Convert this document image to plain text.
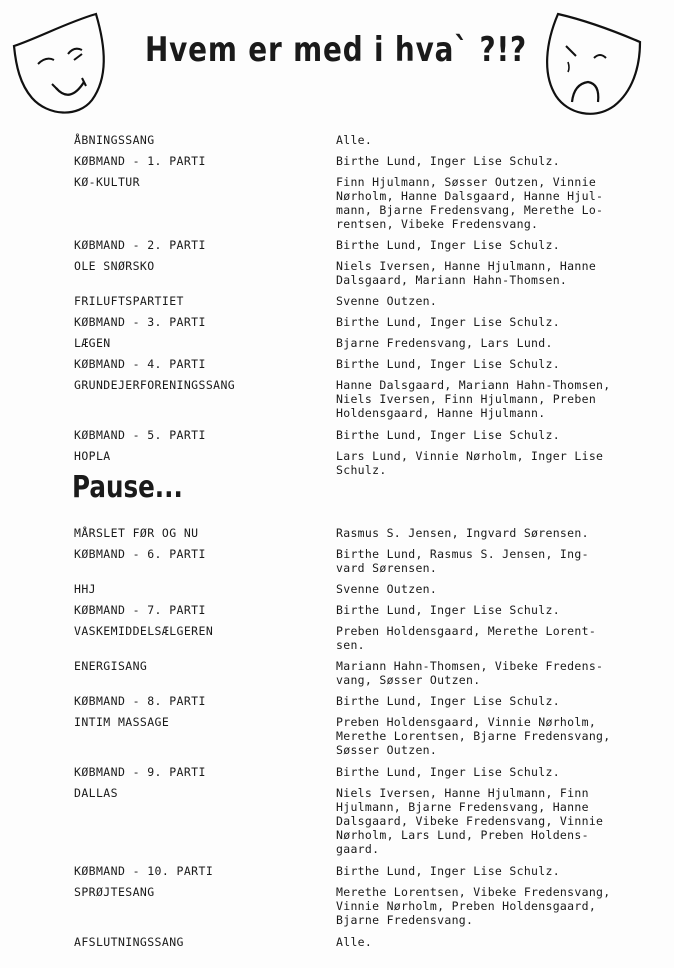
Hvem er med i hva` ?!?
ÅBNINGSSANG	Alle.
KØBMAND - 1. PARTI	Birthe Lund, Inger Lise Schulz.
KØ-KULTUR	Finn Hjulmann, Søsser Outzen, Vinnie
Nørholm, Hanne Dalsgaard, Hanne Hjul-
mann, Bjarne Fredensvang, Merethe Lo-
rentsen, Vibeke Fredensvang.
KØBMAND - 2. PARTI	Birthe Lund, Inger Lise Schulz.
OLE SNØRSKO	Niels Iversen, Hanne Hjulmann, Hanne
Dalsgaard, Mariann Hahn-Thomsen.
FRILUFTSPARTIET	Svenne Outzen.
KØBMAND - 3. PARTI	Birthe Lund, Inger Lise Schulz.
LÆGEN	Bjarne Fredensvang, Lars Lund.
KØBMAND - 4. PARTI	Birthe Lund, Inger Lise Schulz.
GRUNDEJERFORENINGSSANG	Hanne Dalsgaard, Mariann Hahn-Thomsen,
Niels Iversen, Finn Hjulmann, Preben
Holdensgaard, Hanne Hjulmann.
KØBMAND - 5. PARTI	Birthe Lund, Inger Lise Schulz.
HOPLA	Lars Lund, Vinnie Nørholm, Inger Lise
Schulz.
MÅRSLET FØR OG NU	Rasmus S. Jensen, Ingvard Sørensen.
KØBMAND - 6. PARTI	Birthe Lund, Rasmus S. Jensen, Ing-
vard Sørensen.
HHJ	Svenne Outzen.
KØBMAND - 7. PARTI	Birthe Lund, Inger Lise Schulz.
VASKEMIDDELSÆLGEREN	Preben Holdensgaard, Merethe Lorent-
sen.
ENERGISANG	Mariann Hahn-Thomsen, Vibeke Fredens-
vang, Søsser Outzen.
KØBMAND - 8. PARTI	Birthe Lund, Inger Lise Schulz.
INTIM MASSAGE	Preben Holdensgaard, Vinnie Nørholm,
Merethe Lorentsen, Bjarne Fredensvang,
Søsser Outzen.
KØBMAND - 9. PARTI	Birthe Lund, Inger Lise Schulz.
DALLAS	Niels Iversen, Hanne Hjulmann, Finn
Hjulmann, Bjarne Fredensvang, Hanne
Dalsgaard, Vibeke Fredensvang, Vinnie
Nørholm, Lars Lund, Preben Holdens-
gaard.
KØBMAND - 10. PARTI	Birthe Lund, Inger Lise Schulz.
SPRØJTESANG	Merethe Lorentsen, Vibeke Fredensvang,
Vinnie Nørholm, Preben Holdensgaard,
Bjarne Fredensvang.
AFSLUTNINGSSANG	Alle.
Pause...
